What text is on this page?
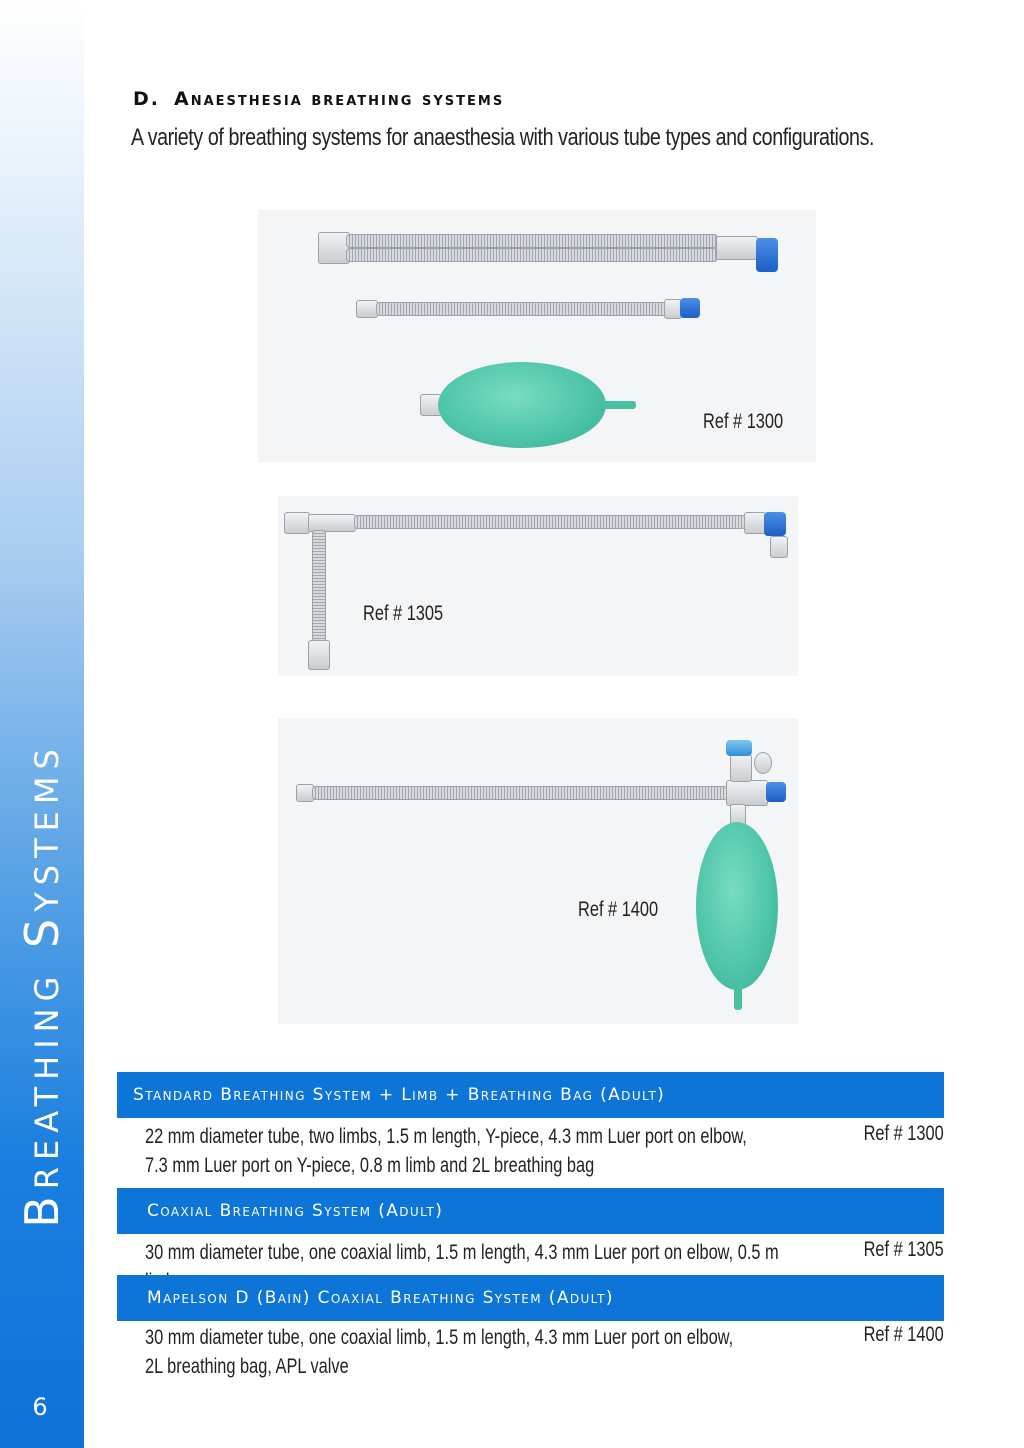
Breathing Systems
6
D. Anaesthesia breathing systems
A variety of breathing systems for anaesthesia with various tube types and configurations.
Ref # 1300
Ref # 1305
Ref # 1400
Standard Breathing System + Limb + Breathing Bag (Adult)
22 mm diameter tube, two limbs, 1.5 m length, Y-piece, 4.3 mm Luer port on elbow,
7.3 mm Luer port on Y-piece, 0.8 m limb and 2L breathing bag
Ref # 1300
Coaxial Breathing System (Adult)
30 mm diameter tube, one coaxial limb, 1.5 m length, 4.3 mm Luer port on elbow, 0.5 m	Ref # 1305
Mapelson D (Bain) Coaxial Breathing System (Adult)
30 mm diameter tube, one coaxial limb, 1.5 m length, 4.3 mm Luer port on elbow,
2L breathing bag, APL valve
Ref # 1400
